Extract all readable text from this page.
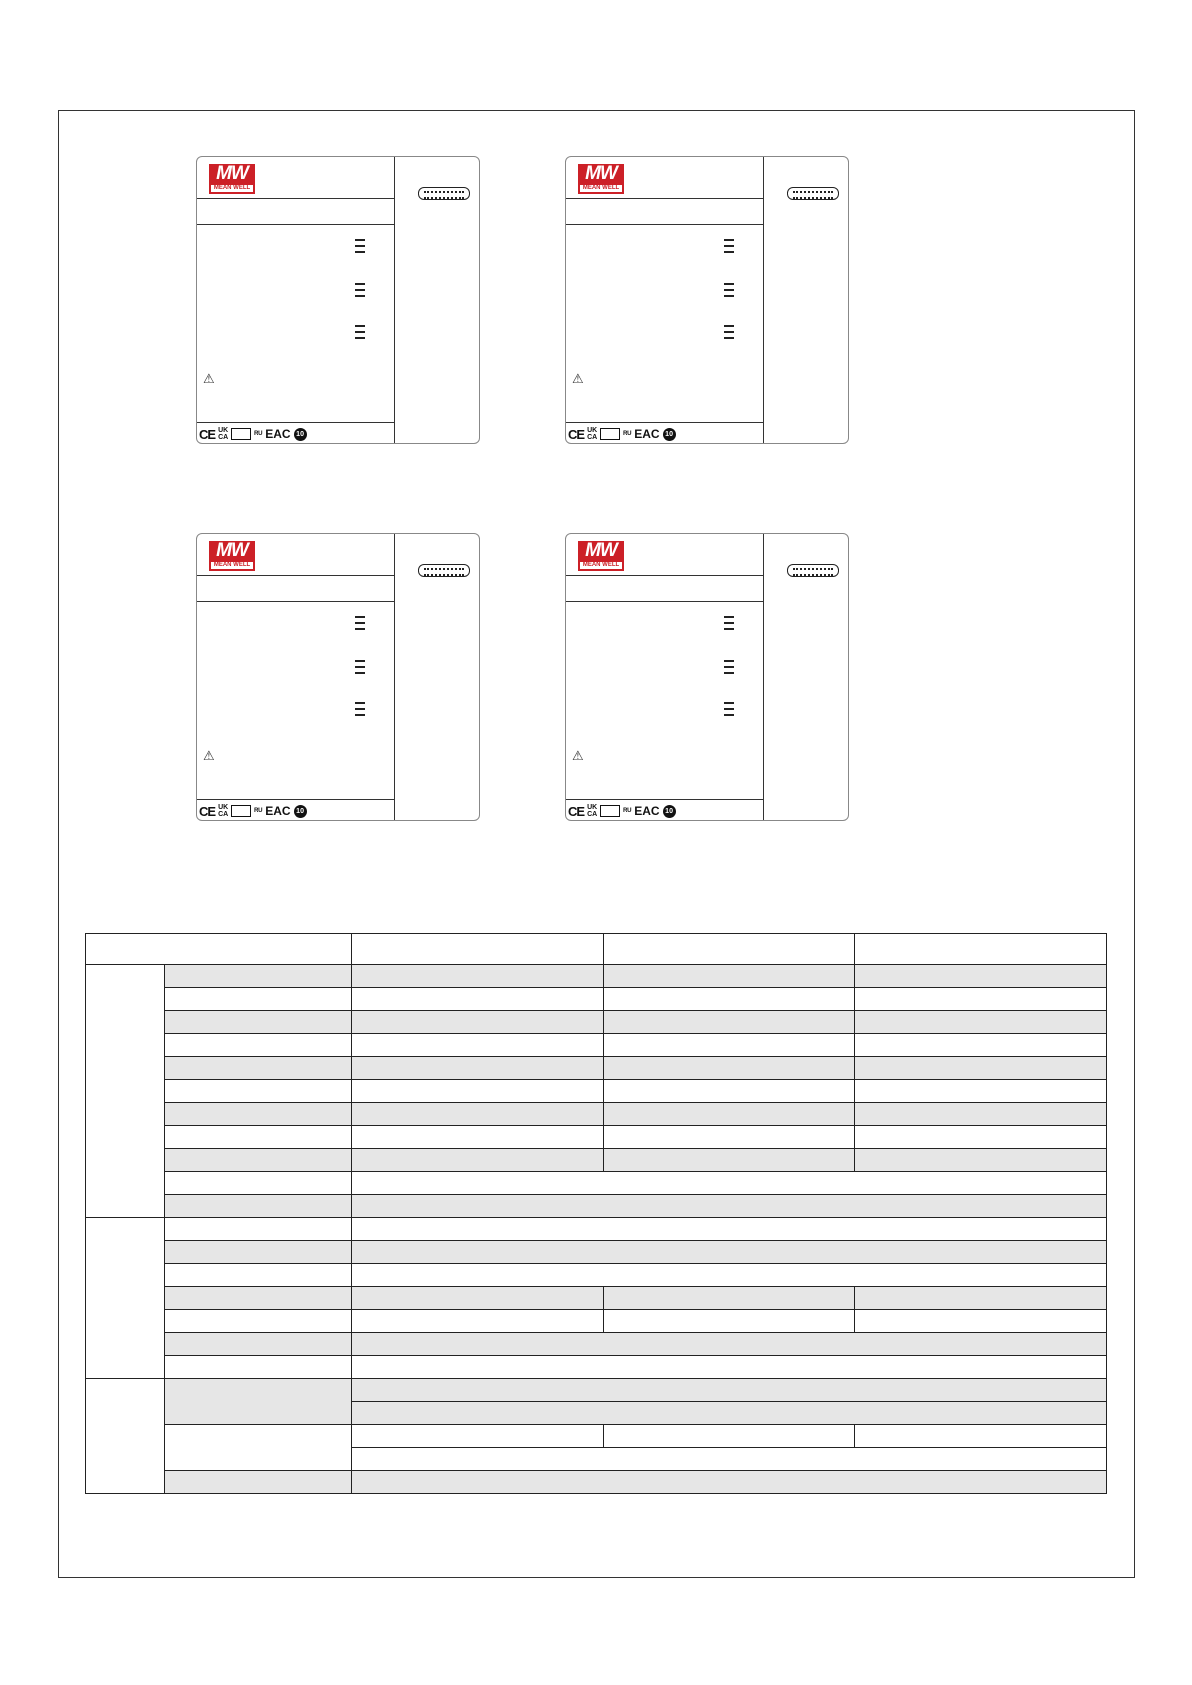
MW
MEAN WELL
⚠
CE UK
CA	ᴿᵁ EAC 10
MW
MEAN WELL
⚠
CE UK
CA	ᴿᵁ EAC 10
MW
MEAN WELL
⚠
CE UK
CA	ᴿᵁ EAC 10
MW
MEAN WELL
⚠
CE UK
CA	ᴿᵁ EAC 10
